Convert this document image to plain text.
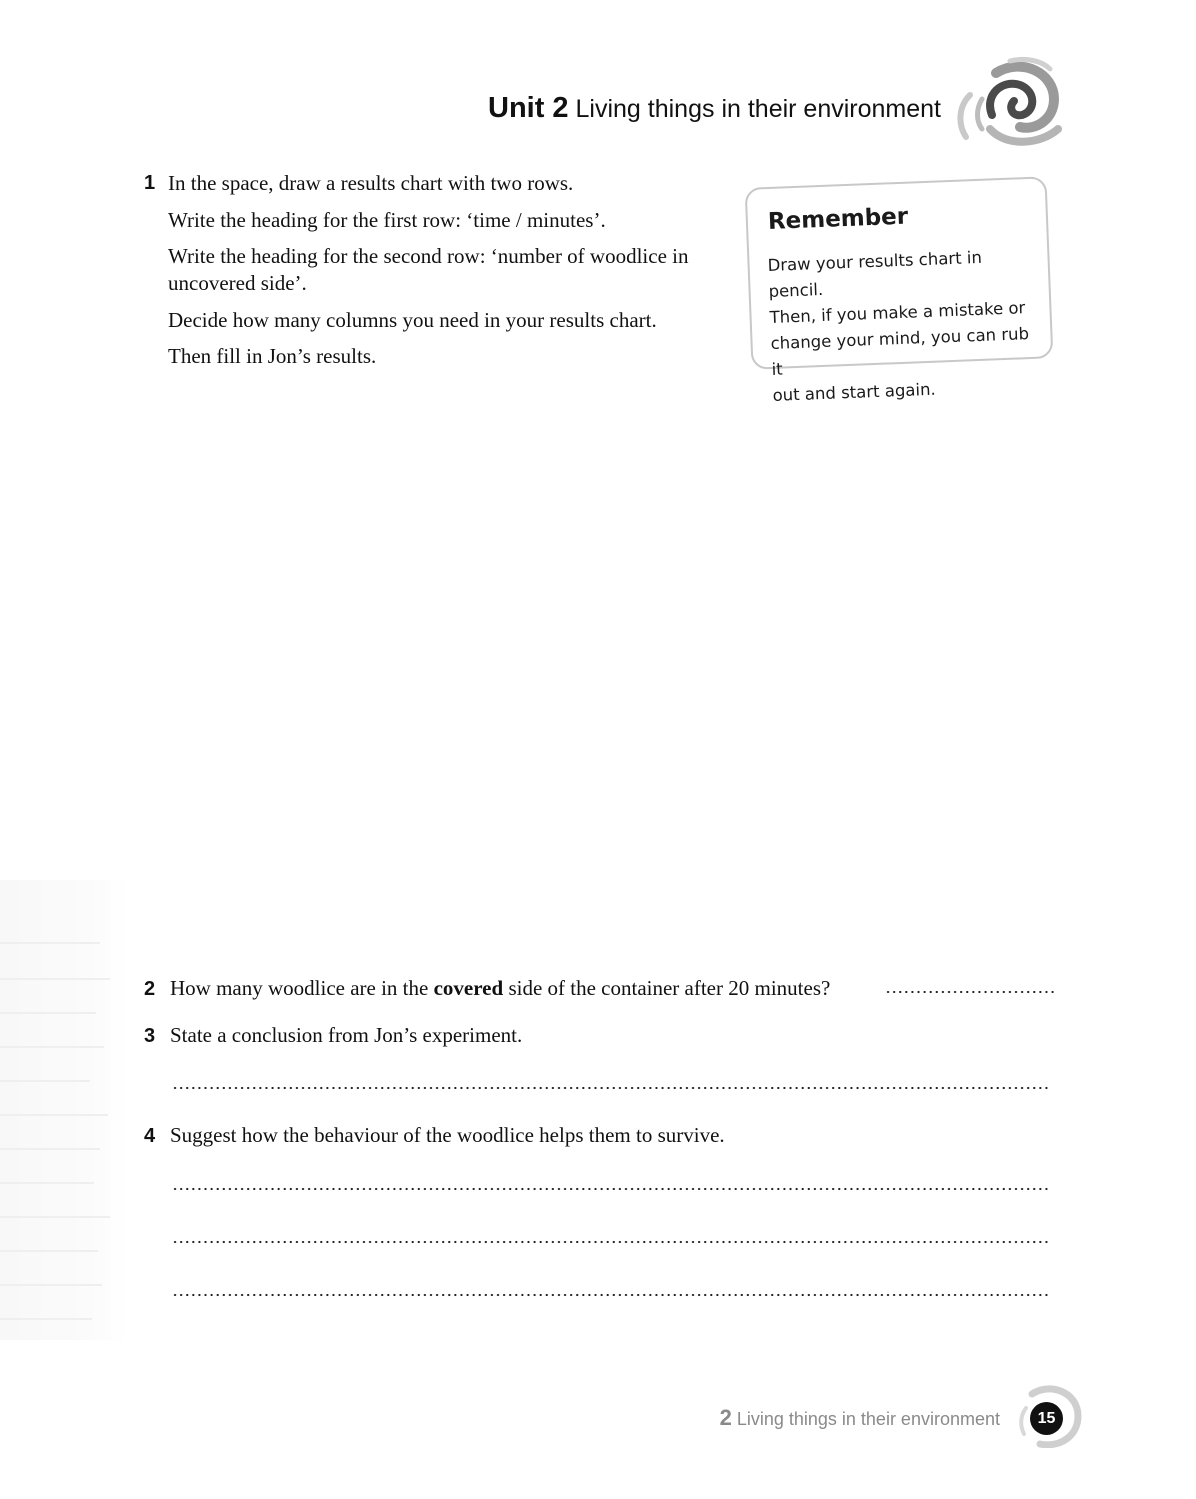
Unit 2 Living things in their environment
1 In the space, draw a results chart with two rows.
Write the heading for the first row: ‘time / minutes’.
Write the heading for the second row: ‘number of woodlice in uncovered side’.
Decide how many columns you need in your results chart.
Then fill in Jon’s results.
Remember
Draw your results chart in pencil.
Then, if you make a mistake or
change your mind, you can rub it
out and start again.
2 How many woodlice are in the covered side of the container after 20 minutes?
3 State a conclusion from Jon’s experiment.
4 Suggest how the behaviour of the woodlice helps them to survive.
2 Living things in their environment	15
